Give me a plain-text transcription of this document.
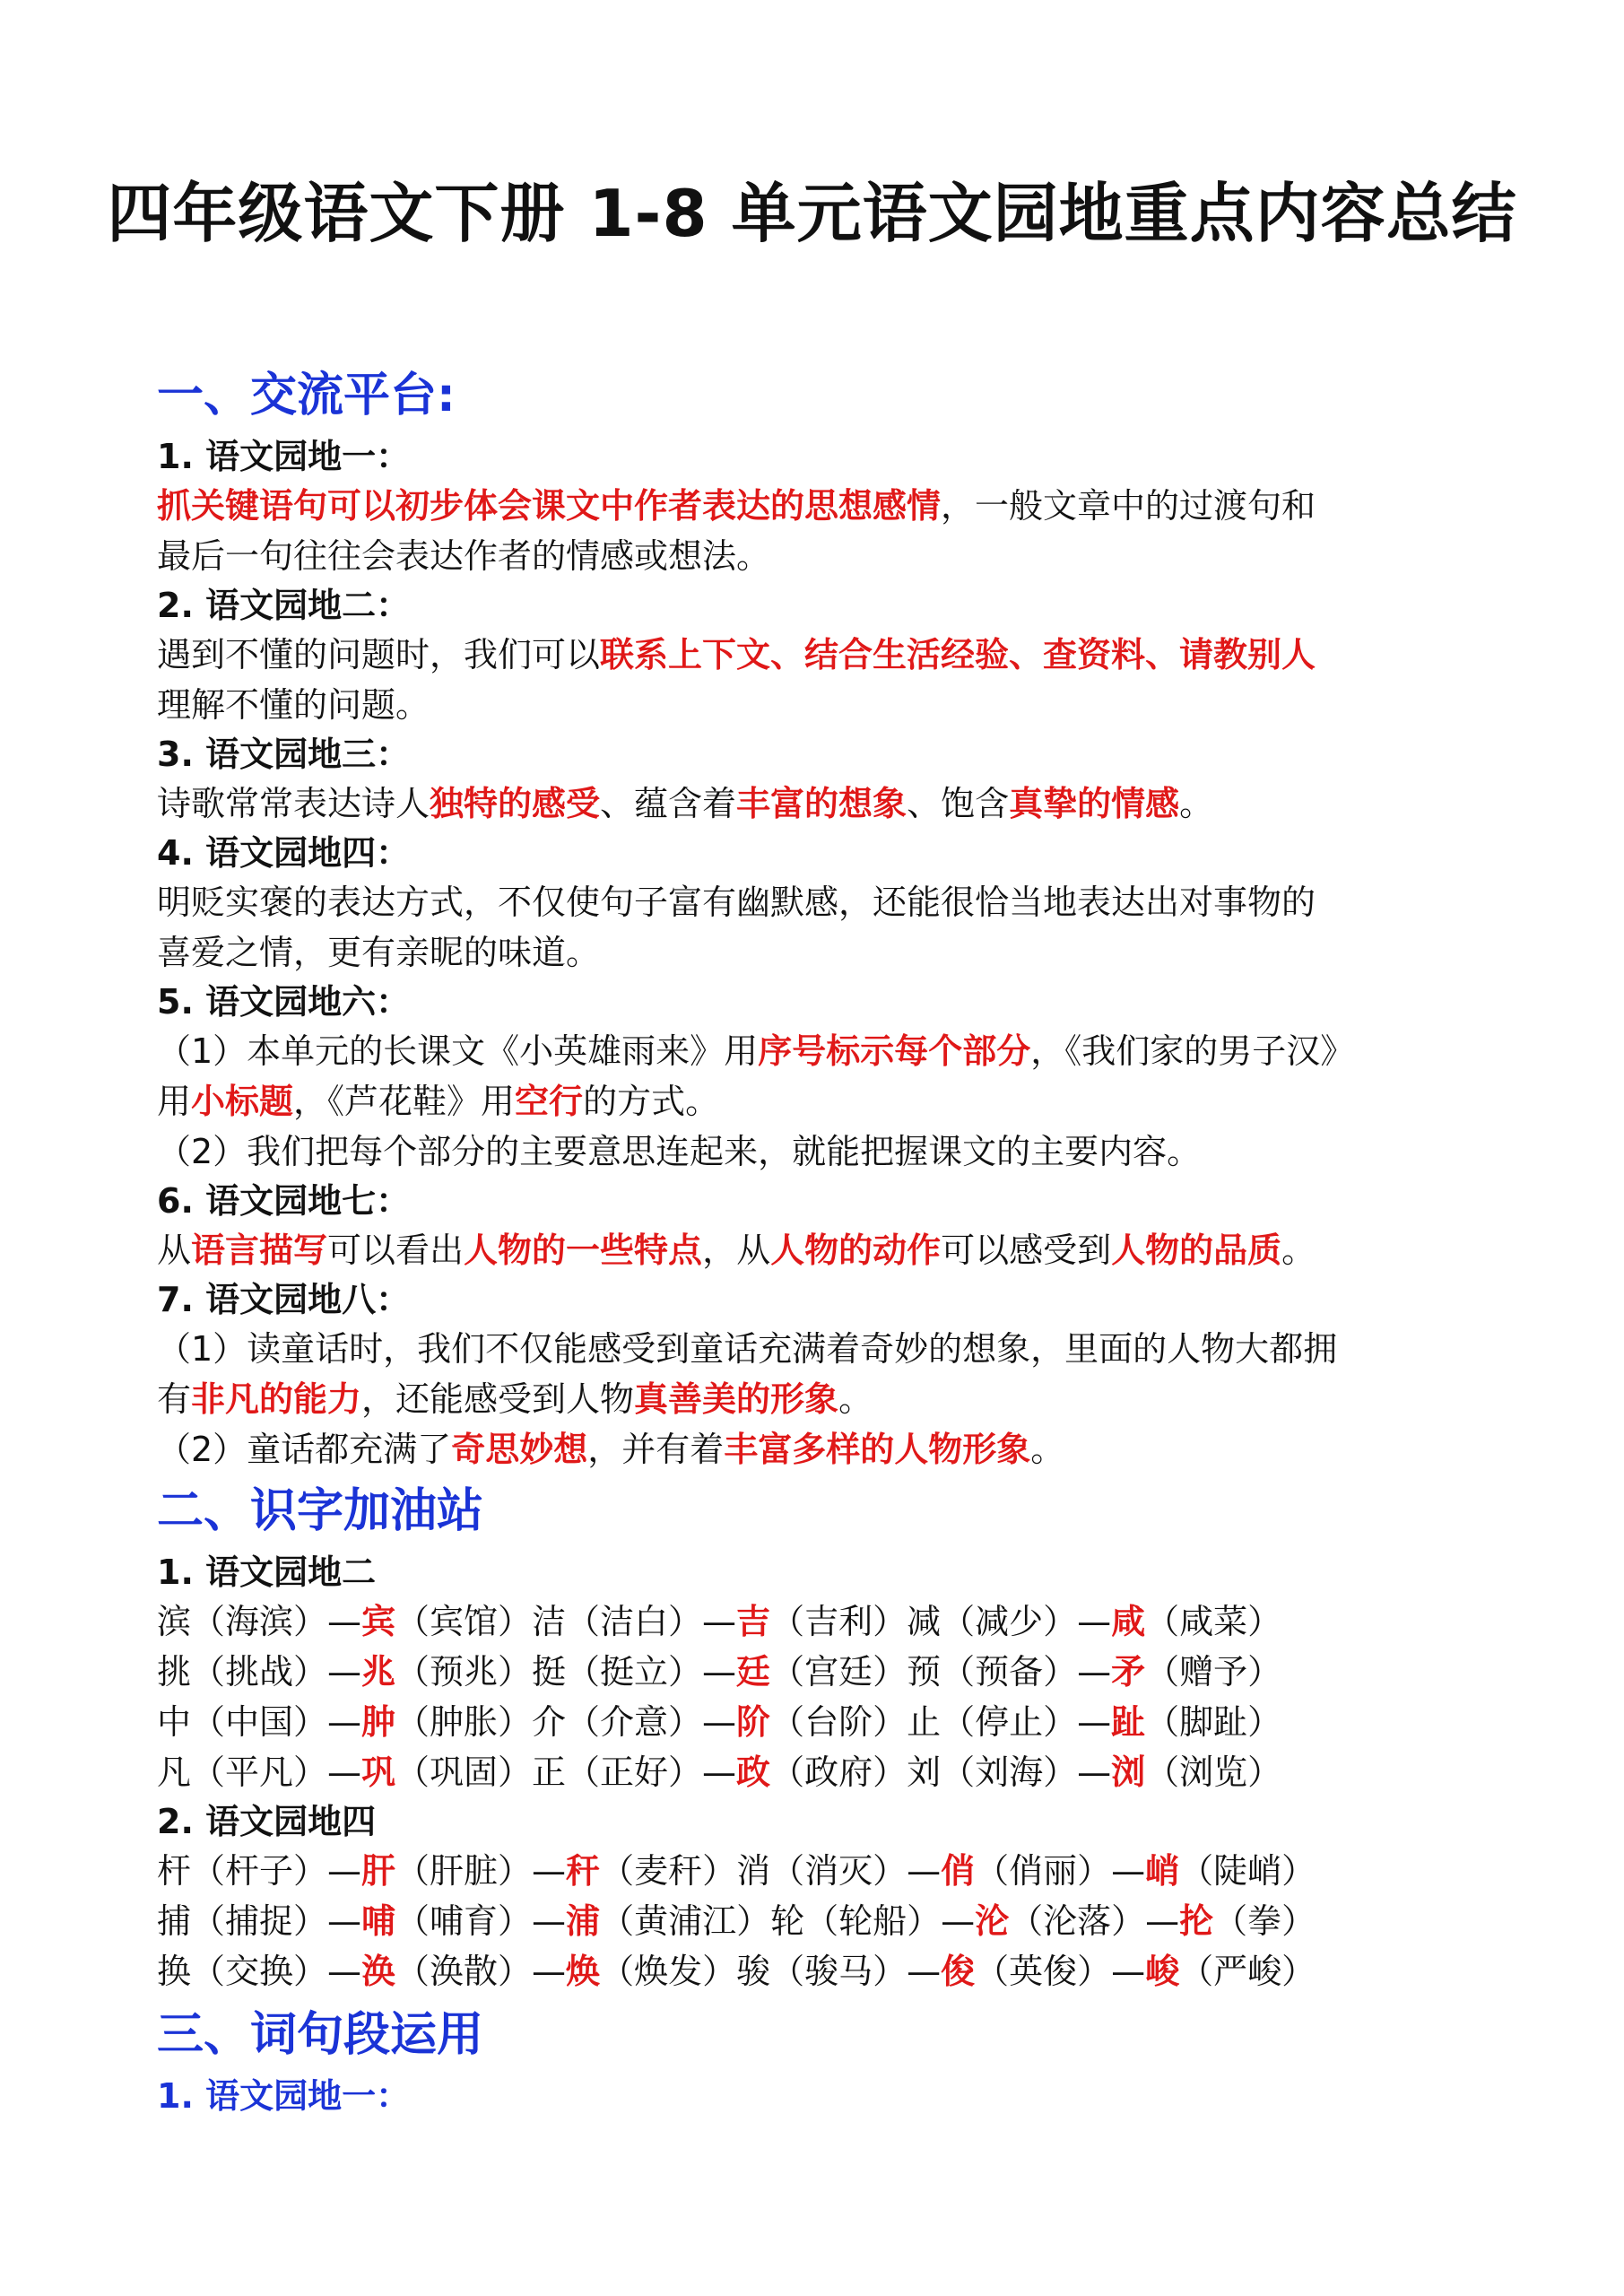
四年级语文下册 1-8 单元语文园地重点内容总结
一、交流平台:
1. 语文园地一：
抓关键语句可以初步体会课文中作者表达的思想感情，一般文章中的过渡句和
最后一句往往会表达作者的情感或想法。
2. 语文园地二：
遇到不懂的问题时，我们可以联系上下文、结合生活经验、查资料、请教别人
理解不懂的问题。
3. 语文园地三：
诗歌常常表达诗人独特的感受、蕴含着丰富的想象、饱含真挚的情感。
4. 语文园地四：
明贬实褒的表达方式，不仅使句子富有幽默感，还能很恰当地表达出对事物的
喜爱之情，更有亲昵的味道。
5. 语文园地六：
（1）本单元的长课文《小英雄雨来》用序号标示每个部分，《我们家的男子汉》
用小标题，《芦花鞋》用空行的方式。
（2）我们把每个部分的主要意思连起来，就能把握课文的主要内容。
6. 语文园地七：
从语言描写可以看出人物的一些特点，从人物的动作可以感受到人物的品质。
7. 语文园地八：
（1）读童话时，我们不仅能感受到童话充满着奇妙的想象，里面的人物大都拥
有非凡的能力，还能感受到人物真善美的形象。
（2）童话都充满了奇思妙想，并有着丰富多样的人物形象。
二、识字加油站
1. 语文园地二
滨（海滨）—宾（宾馆）洁（洁白）—吉（吉利）减（减少）—咸（咸菜）
挑（挑战）—兆（预兆）挺（挺立）—廷（宫廷）预（预备）—矛（赠予）
中（中国）—肿（肿胀）介（介意）—阶（台阶）止（停止）—趾（脚趾）
凡（平凡）—巩（巩固）正（正好）—政（政府）刘（刘海）—浏（浏览）
2. 语文园地四
杆（杆子）—肝（肝脏）—秆（麦秆）消（消灭）—俏（俏丽）—峭（陡峭）
捕（捕捉）—哺（哺育）—浦（黄浦江）轮（轮船）—沦（沦落）—抡（拳）
换（交换）—涣（涣散）—焕（焕发）骏（骏马）—俊（英俊）—峻（严峻）
三、词句段运用
1. 语文园地一：
